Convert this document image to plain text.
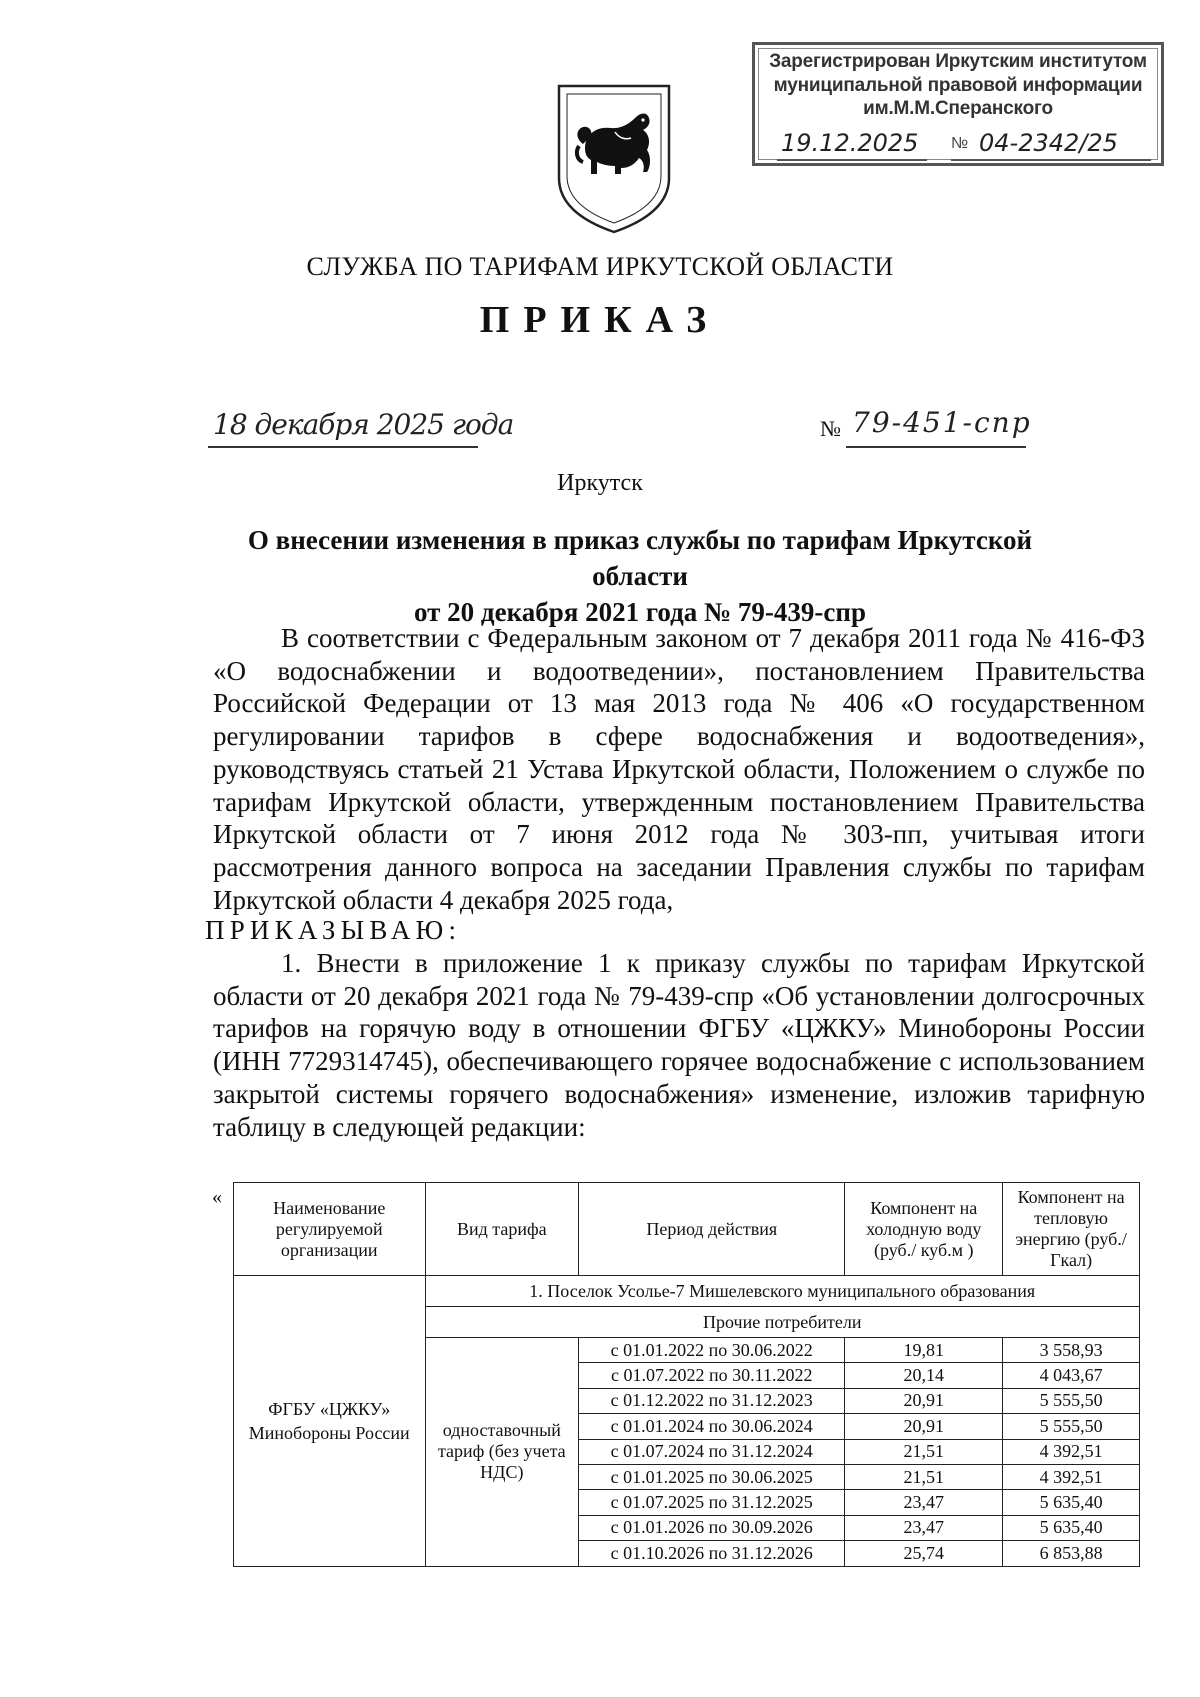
Зарегистрирован Иркутским институтом
муниципальной правовой информации
им.М.М.Сперанского
19.12.2025 № 04-2342/25
СЛУЖБА ПО ТАРИФАМ ИРКУТСКОЙ ОБЛАСТИ
ПРИКАЗ
18 декабря 2025 года	№ 79-451-спр
Иркутск
О внесении изменения в приказ службы по тарифам Иркутской области
от 20 декабря 2021 года № 79-439-спр
В соответствии с Федеральным законом от 7 декабря 2011 года № 416-ФЗ «О водоснабжении и водоотведении», постановлением Правительства Российской Федерации от 13 мая 2013 года № 406 «О государственном регулировании тарифов в сфере водоснабжения и водоотведения», руководствуясь статьей 21 Устава Иркутской области, Положением о службе по тарифам Иркутской области, утвержденным постановлением Правительства Иркутской области от 7 июня 2012 года № 303-пп, учитывая итоги рассмотрения данного вопроса на заседании Правления службы по тарифам Иркутской области 4 декабря 2025 года,
ПРИКАЗЫВАЮ:
1. Внести в приложение 1 к приказу службы по тарифам Иркутской области от 20 декабря 2021 года № 79-439-спр «Об установлении долгосрочных тарифов на горячую воду в отношении ФГБУ «ЦЖКУ» Минобороны России (ИНН 7729314745), обеспечивающего горячее водоснабжение с использованием закрытой системы горячего водоснабжения» изменение, изложив тарифную таблицу в следующей редакции:
«	Наименование регулируемой организации	Вид тарифа	Период действия	Компонент на холодную воду (руб./ куб.м )	Компонент на тепловую энергию (руб./Гкал)
ФГБУ «ЦЖКУ» Минобороны России	1. Поселок Усолье-7 Мишелевского муниципального образования			
	Прочие потребители			
	одноставочный тариф (без учета НДС)	с 01.01.2022 по 30.06.2022	19,81	3 558,93
		с 01.07.2022 по 30.11.2022	20,14	4 043,67
		с 01.12.2022 по 31.12.2023	20,91	5 555,50
		с 01.01.2024 по 30.06.2024	20,91	5 555,50
		с 01.07.2024 по 31.12.2024	21,51	4 392,51
		с 01.01.2025 по 30.06.2025	21,51	4 392,51
		с 01.07.2025 по 31.12.2025	23,47	5 635,40
		с 01.01.2026 по 30.09.2026	23,47	5 635,40
		с 01.10.2026 по 31.12.2026	25,74	6 853,88
